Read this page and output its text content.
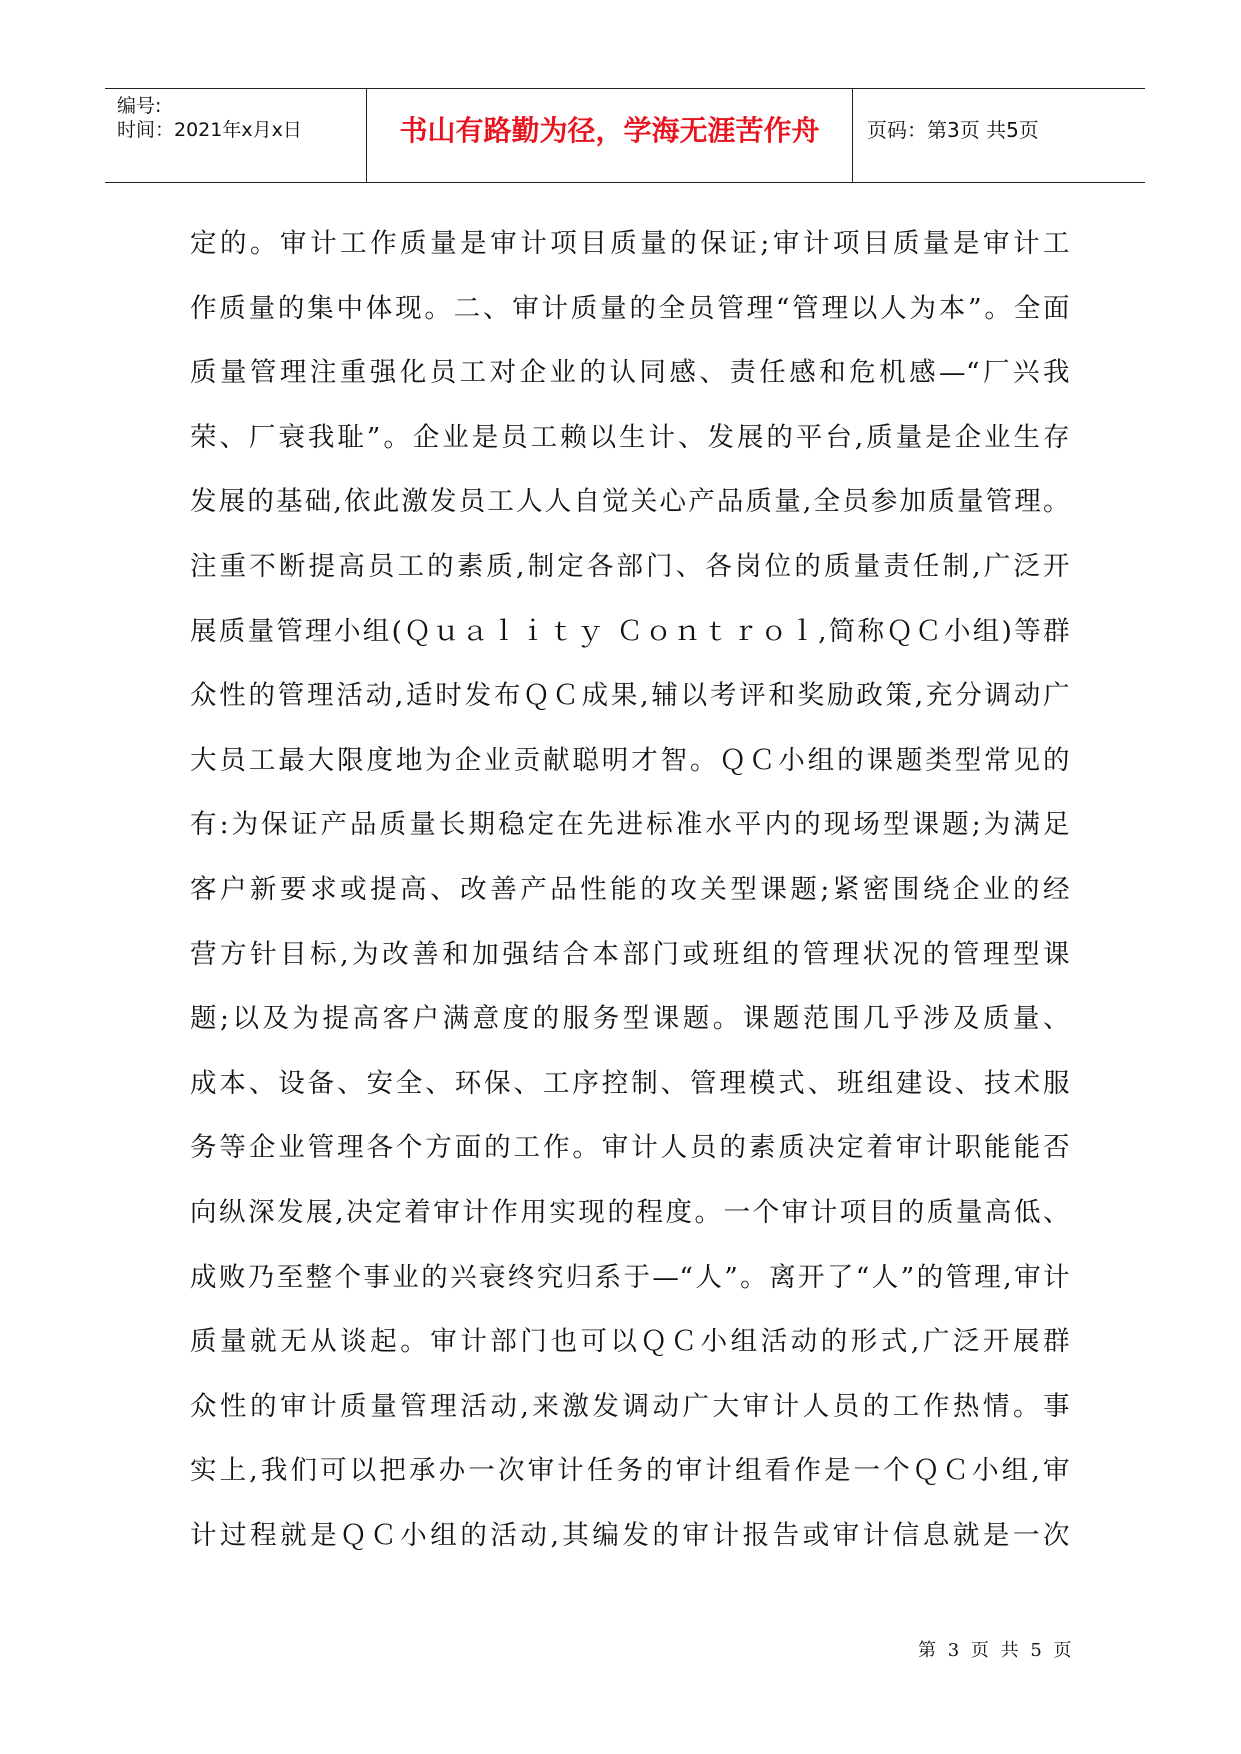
编号:
时间：2021年x月x日	书山有路勤为径，学海无涯苦作舟	页码：第3页 共5页
定的。审计工作质量是审计项目质量的保证;审计项目质量是审计工
作质量的集中体现。二、审计质量的全员管理“管理以人为本”。全面
质量管理注重强化员工对企业的认同感、责任感和危机感—“厂兴我
荣、厂衰我耻”。企业是员工赖以生计、发展的平台,质量是企业生存
发展的基础,依此激发员工人人自觉关心产品质量,全员参加质量管理。
注重不断提高员工的素质,制定各部门、各岗位的质量责任制,广泛开
展质量管理小组(Ｑｕａｌｉｔｙ Ｃｏｎｔｒｏｌ,简称ＱＣ小组)等群
众性的管理活动,适时发布ＱＣ成果,辅以考评和奖励政策,充分调动广
大员工最大限度地为企业贡献聪明才智。ＱＣ小组的课题类型常见的
有:为保证产品质量长期稳定在先进标准水平内的现场型课题;为满足
客户新要求或提高、改善产品性能的攻关型课题;紧密围绕企业的经
营方针目标,为改善和加强结合本部门或班组的管理状况的管理型课
题;以及为提高客户满意度的服务型课题。课题范围几乎涉及质量、
成本、设备、安全、环保、工序控制、管理模式、班组建设、技术服
务等企业管理各个方面的工作。审计人员的素质决定着审计职能能否
向纵深发展,决定着审计作用实现的程度。一个审计项目的质量高低、
成败乃至整个事业的兴衰终究归系于—“人”。离开了“人”的管理,审计
质量就无从谈起。审计部门也可以ＱＣ小组活动的形式,广泛开展群
众性的审计质量管理活动,来激发调动广大审计人员的工作热情。事
实上,我们可以把承办一次审计任务的审计组看作是一个ＱＣ小组,审
计过程就是ＱＣ小组的活动,其编发的审计报告或审计信息就是一次
第 3 页 共 5 页
